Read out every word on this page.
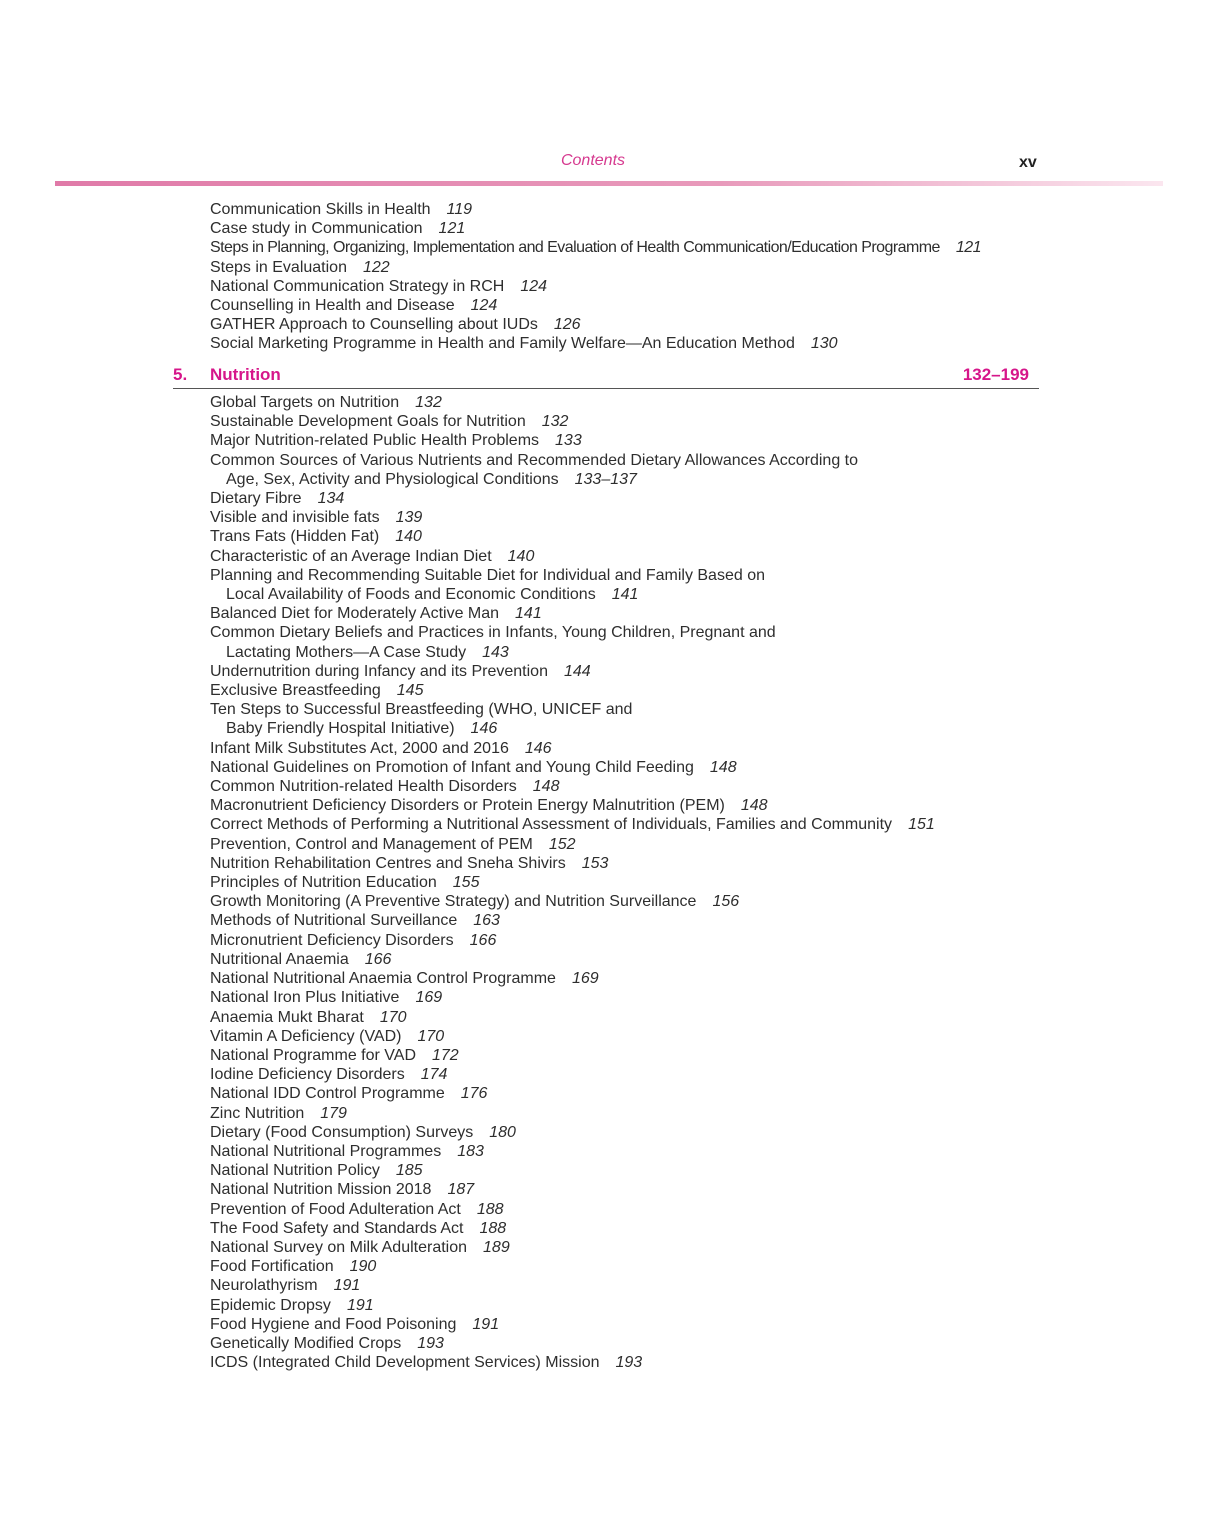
Contents	xv
Communication Skills in Health 119
Case study in Communication 121
Steps in Planning, Organizing, Implementation and Evaluation of Health Communication/Education Programme 121
Steps in Evaluation 122
National Communication Strategy in RCH 124
Counselling in Health and Disease 124
GATHER Approach to Counselling about IUDs 126
Social Marketing Programme in Health and Family Welfare—An Education Method 130
5. Nutrition	132–199
Global Targets on Nutrition 132
Sustainable Development Goals for Nutrition 132
Major Nutrition-related Public Health Problems 133
Common Sources of Various Nutrients and Recommended Dietary Allowances According to
Age, Sex, Activity and Physiological Conditions 133–137
Dietary Fibre 134
Visible and invisible fats 139
Trans Fats (Hidden Fat) 140
Characteristic of an Average Indian Diet 140
Planning and Recommending Suitable Diet for Individual and Family Based on
Local Availability of Foods and Economic Conditions 141
Balanced Diet for Moderately Active Man 141
Common Dietary Beliefs and Practices in Infants, Young Children, Pregnant and
Lactating Mothers—A Case Study 143
Undernutrition during Infancy and its Prevention 144
Exclusive Breastfeeding 145
Ten Steps to Successful Breastfeeding (WHO, UNICEF and
Baby Friendly Hospital Initiative) 146
Infant Milk Substitutes Act, 2000 and 2016 146
National Guidelines on Promotion of Infant and Young Child Feeding 148
Common Nutrition-related Health Disorders 148
Macronutrient Deficiency Disorders or Protein Energy Malnutrition (PEM) 148
Correct Methods of Performing a Nutritional Assessment of Individuals, Families and Community 151
Prevention, Control and Management of PEM 152
Nutrition Rehabilitation Centres and Sneha Shivirs 153
Principles of Nutrition Education 155
Growth Monitoring (A Preventive Strategy) and Nutrition Surveillance 156
Methods of Nutritional Surveillance 163
Micronutrient Deficiency Disorders 166
Nutritional Anaemia 166
National Nutritional Anaemia Control Programme 169
National Iron Plus Initiative 169
Anaemia Mukt Bharat 170
Vitamin A Deficiency (VAD) 170
National Programme for VAD 172
Iodine Deficiency Disorders 174
National IDD Control Programme 176
Zinc Nutrition 179
Dietary (Food Consumption) Surveys 180
National Nutritional Programmes 183
National Nutrition Policy 185
National Nutrition Mission 2018 187
Prevention of Food Adulteration Act 188
The Food Safety and Standards Act 188
National Survey on Milk Adulteration 189
Food Fortification 190
Neurolathyrism 191
Epidemic Dropsy 191
Food Hygiene and Food Poisoning 191
Genetically Modified Crops 193
ICDS (Integrated Child Development Services) Mission 193
